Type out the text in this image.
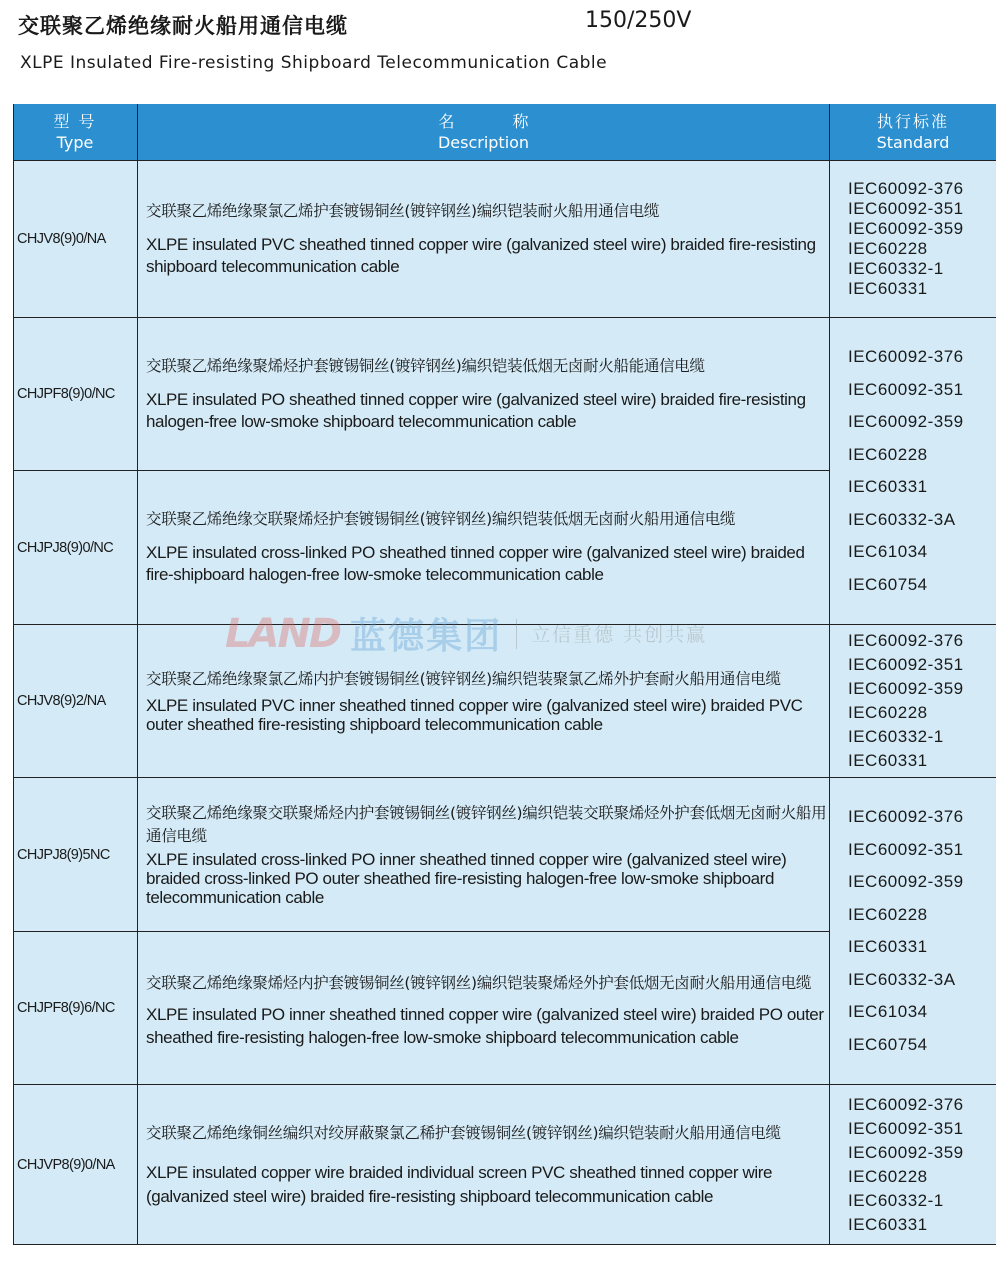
交联聚乙烯绝缘耐火船用通信电缆	150/250V
XLPE Insulated Fire-resisting Shipboard Telecommunication Cable
型 号
Type
名称
Description
执行标准
Standard
CHJV8(9)0/NA
交联聚乙烯绝缘聚氯乙烯护套镀锡铜丝(镀锌钢丝)编织铠装耐火船用通信电缆
XLPE insulated PVC sheathed tinned copper wire (galvanized steel wire) braided fire-resisting shipboard telecommunication cable
IEC60092-376
IEC60092-351
IEC60092-359
IEC60228
IEC60332-1
IEC60331
CHJPF8(9)0/NC
交联聚乙烯绝缘聚烯烃护套镀锡铜丝(镀锌钢丝)编织铠装低烟无卤耐火船能通信电缆
XLPE insulated PO sheathed tinned copper wire (galvanized steel wire) braided fire-resisting halogen-free low-smoke shipboard telecommunication cable
CHJPJ8(9)0/NC
交联聚乙烯绝缘交联聚烯烃护套镀锡铜丝(镀锌钢丝)编织铠装低烟无卤耐火船用通信电缆
XLPE insulated cross-linked PO sheathed tinned copper wire (galvanized steel wire) braided fire-shipboard halogen-free low-smoke telecommunication cable
IEC60092-376
IEC60092-351
IEC60092-359
IEC60228
IEC60331
IEC60332-3A
IEC61034
IEC60754
CHJV8(9)2/NA
交联聚乙烯绝缘聚氯乙烯内护套镀锡铜丝(镀锌钢丝)编织铠装聚氯乙烯外护套耐火船用通信电缆
XLPE insulated PVC inner sheathed tinned copper wire (galvanized steel wire) braided PVC outer sheathed fire-resisting shipboard telecommunication cable
IEC60092-376
IEC60092-351
IEC60092-359
IEC60228
IEC60332-1
IEC60331
CHJPJ8(9)5NC
交联聚乙烯绝缘聚交联聚烯烃内护套镀锡铜丝(镀锌钢丝)编织铠装交联聚烯烃外护套低烟无卤耐火船用通信电缆
XLPE insulated cross-linked PO inner sheathed tinned copper wire (galvanized steel wire) braided cross-linked PO outer sheathed fire-resisting halogen-free low-smoke shipboard telecommunication cable
CHJPF8(9)6/NC
交联聚乙烯绝缘聚烯烃内护套镀锡铜丝(镀锌钢丝)编织铠装聚烯烃外护套低烟无卤耐火船用通信电缆
XLPE insulated PO inner sheathed tinned copper wire (galvanized steel wire) braided PO outer sheathed fire-resisting halogen-free low-smoke shipboard telecommunication cable
IEC60092-376
IEC60092-351
IEC60092-359
IEC60228
IEC60331
IEC60332-3A
IEC61034
IEC60754
CHJVP8(9)0/NA
交联聚乙烯绝缘铜丝编织对绞屏蔽聚氯乙稀护套镀锡铜丝(镀锌钢丝)编织铠装耐火船用通信电缆
XLPE insulated copper wire braided individual screen PVC sheathed tinned copper wire (galvanized steel wire) braided fire-resisting shipboard telecommunication cable
IEC60092-376
IEC60092-351
IEC60092-359
IEC60228
IEC60332-1
IEC60331
LAND 蓝德集团 立信重德 共创共赢
